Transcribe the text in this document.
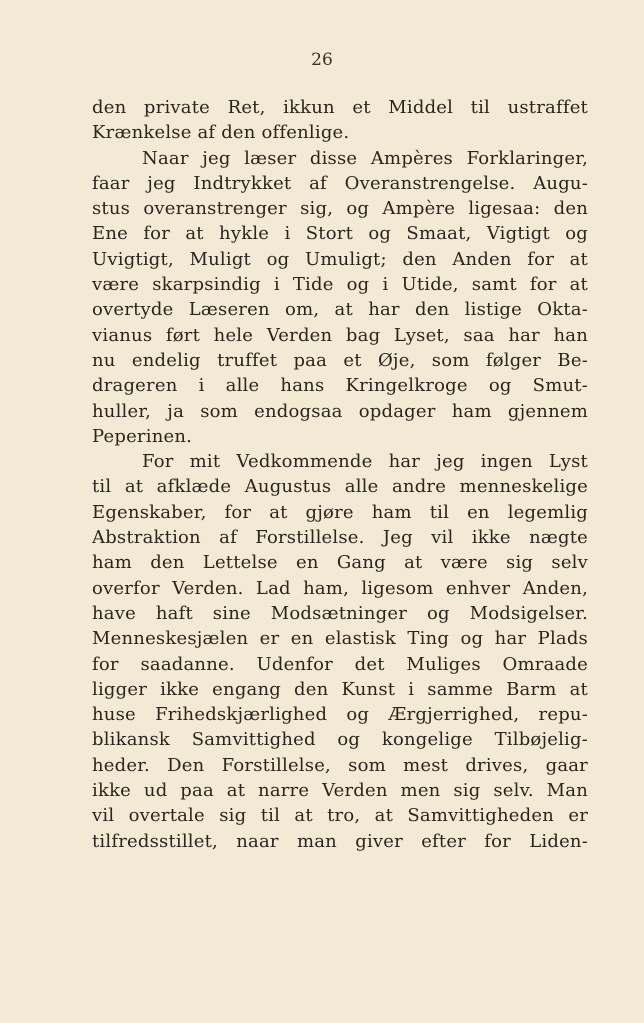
26
den private Ret, ikkun et Middel til ustraffet
Krænkelse af den offenlige.
Naar jeg læser disse Ampères Forklaringer,
faar jeg Indtrykket af Overanstrengelse. Augu-
stus overanstrenger sig, og Ampère ligesaa: den
Ene for at hykle i Stort og Smaat, Vigtigt og
Uvigtigt, Muligt og Umuligt; den Anden for at
være skarpsindig i Tide og i Utide, samt for at
overtyde Læseren om, at har den listige Okta-
vianus ført hele Verden bag Lyset, saa har han
nu endelig truffet paa et Øje, som følger Be-
drageren i alle hans Kringelkroge og Smut-
huller, ja som endogsaa opdager ham gjennem
Peperinen.
For mit Vedkommende har jeg ingen Lyst
til at afklæde Augustus alle andre menneskelige
Egenskaber, for at gjøre ham til en legemlig
Abstraktion af Forstillelse. Jeg vil ikke nægte
ham den Lettelse en Gang at være sig selv
overfor Verden. Lad ham, ligesom enhver Anden,
have haft sine Modsætninger og Modsigelser.
Menneskesjælen er en elastisk Ting og har Plads
for saadanne. Udenfor det Muliges Omraade
ligger ikke engang den Kunst i samme Barm at
huse Frihedskjærlighed og Ærgjerrighed, repu-
blikansk Samvittighed og kongelige Tilbøjelig-
heder. Den Forstillelse, som mest drives, gaar
ikke ud paa at narre Verden men sig selv. Man
vil overtale sig til at tro, at Samvittigheden er
tilfredsstillet, naar man giver efter for Liden-
